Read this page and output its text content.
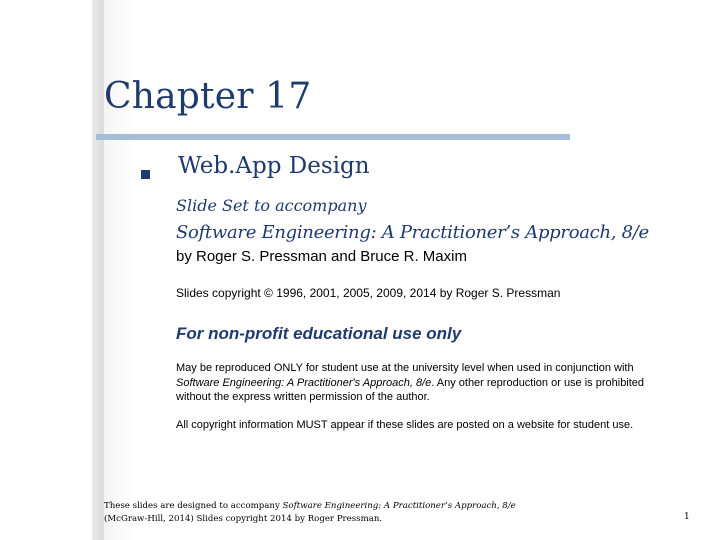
Chapter 17
Web.App Design
Slide Set to accompany
Software Engineering: A Practitioner’s Approach, 8/e
by Roger S. Pressman and Bruce R. Maxim
Slides copyright © 1996, 2001, 2005, 2009, 2014 by Roger S. Pressman
For non-profit educational use only
May be reproduced ONLY for student use at the university level when used in conjunction with Software Engineering: A Practitioner's Approach, 8/e. Any other reproduction or use is prohibited without the express written permission of the author.
All copyright information MUST appear if these slides are posted on a website for student use.
These slides are designed to accompany Software Engineering: A Practitioner’s Approach, 8/e (McGraw-Hill, 2014) Slides copyright 2014 by Roger Pressman.	1
